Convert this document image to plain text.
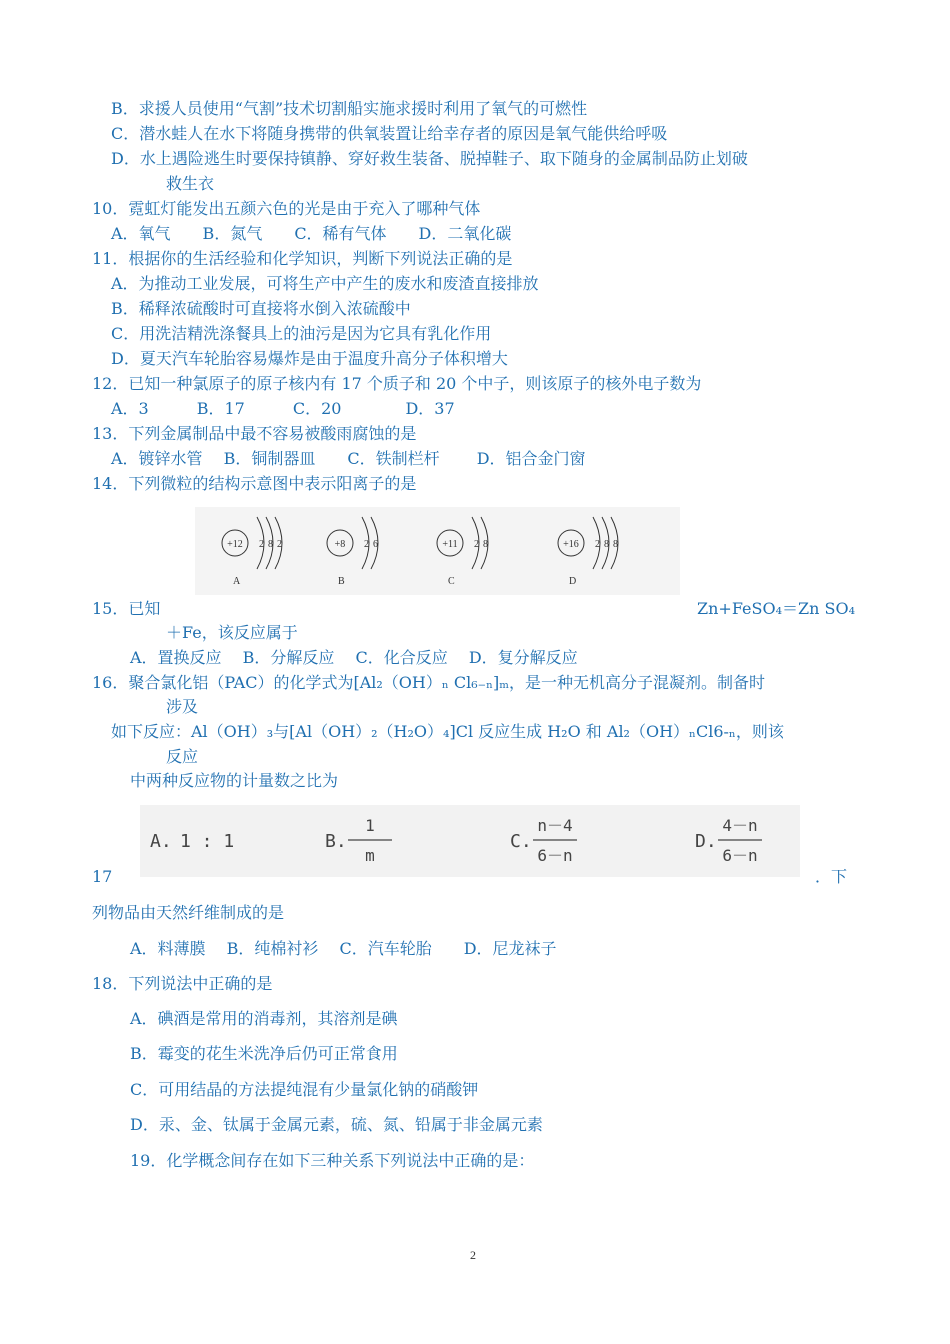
B．求援人员使用“气割”技术切割船实施求援时利用了氧气的可燃性
C．潜水蛙人在水下将随身携带的供氧装置让给幸存者的原因是氧气能供给呼吸
D．水上遇险逃生时要保持镇静、穿好救生装备、脱掉鞋子、取下随身的金属制品防止划破
救生衣
10．霓虹灯能发出五颜六色的光是由于充入了哪种气体
A．氧气　　B．氮气　　C．稀有气体　　D．二氧化碳
11．根据你的生活经验和化学知识，判断下列说法正确的是
A．为推动工业发展，可将生产中产生的废水和废渣直接排放
B．稀释浓硫酸时可直接将水倒入浓硫酸中
C．用洗洁精洗涤餐具上的油污是因为它具有乳化作用
D．夏天汽车轮胎容易爆炸是由于温度升高分子体积增大
12．已知一种氯原子的原子核内有 17 个质子和 20 个中子，则该原子的核外电子数为
A．3　　　B．17　　　C．20　　　　D．37
13．下列金属制品中最不容易被酸雨腐蚀的是
A．镀锌水管　 B．铜制器皿　　C．铁制栏杆　　 D．铝合金门窗
14．下列微粒的结构示意图中表示阳离子的是
+12 2 8 2
A
+8 2 6
B
+11 2 8
C
+16 2 8 8
D
15．已知	Zn+FeSO₄＝Zn SO₄
＋Fe，该反应属于
A．置换反应　 B．分解反应　 C．化合反应　 D．复分解反应
16．聚合氯化铝（PAC）的化学式为[Al₂（OH）ₙ Cl₆₋ₙ]ₘ，是一种无机高分子混凝剂。制备时
涉及
如下反应：Al（OH）₃与[Al（OH）₂（H₂O）₄]Cl 反应生成 H₂O 和 Al₂（OH）ₙCl6-ₙ，则该
反应
中两种反应物的计量数之比为
A. 1 : 1	B.
1
m
C.
n－4
6－n
D.
4－n
6－n
17	．下
列物品由天然纤维制成的是
A．料薄膜　 B．纯棉衬衫　 C．汽车轮胎　　D．尼龙袜子
18．下列说法中正确的是
A．碘酒是常用的消毒剂，其溶剂是碘
B．霉变的花生米洗净后仍可正常食用
C．可用结晶的方法提纯混有少量氯化钠的硝酸钾
D．汞、金、钛属于金属元素，硫、氮、铅属于非金属元素
19．化学概念间存在如下三种关系下列说法中正确的是：
2
